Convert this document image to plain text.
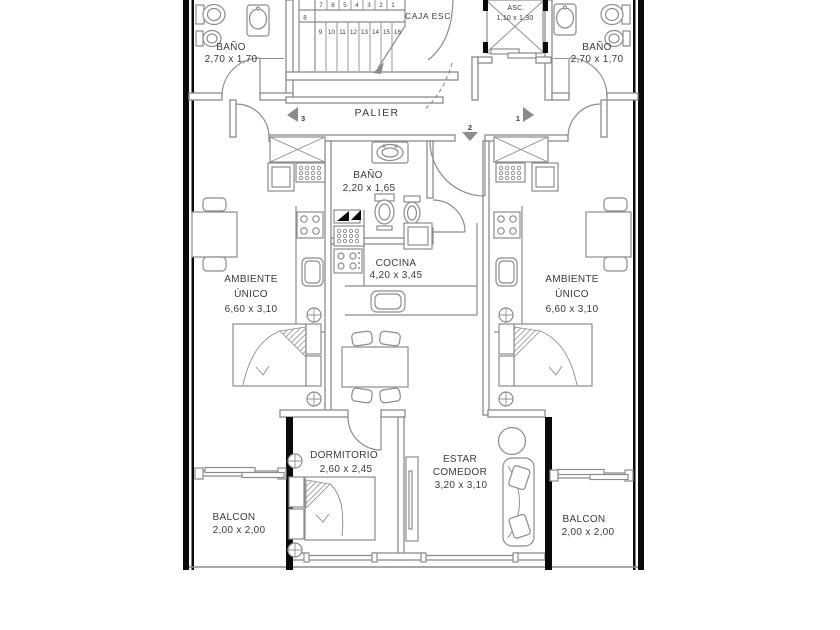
7 6 5 4 3 2 1
8
9 10 11 12 13 14 15 16
CAJA ESC
ASC.
1,10 x 1,30
BAÑO
2,70 x 1,70
BAÑO
2,70 x 1,70
PALIER
3
2
1
BAÑO
2,20 x 1,65
COCINA
4,20 x 3,45
AMBIENTE
ÚNICO
6,60 x 3,10
AMBIENTE
ÚNICO
6,60 x 3,10
DORMITORIO
2,60 x 2,45
ESTAR
COMEDOR
3,20 x 3,10
BALCON
2,00 x 2,00
BALCON
2,00 x 2,00
